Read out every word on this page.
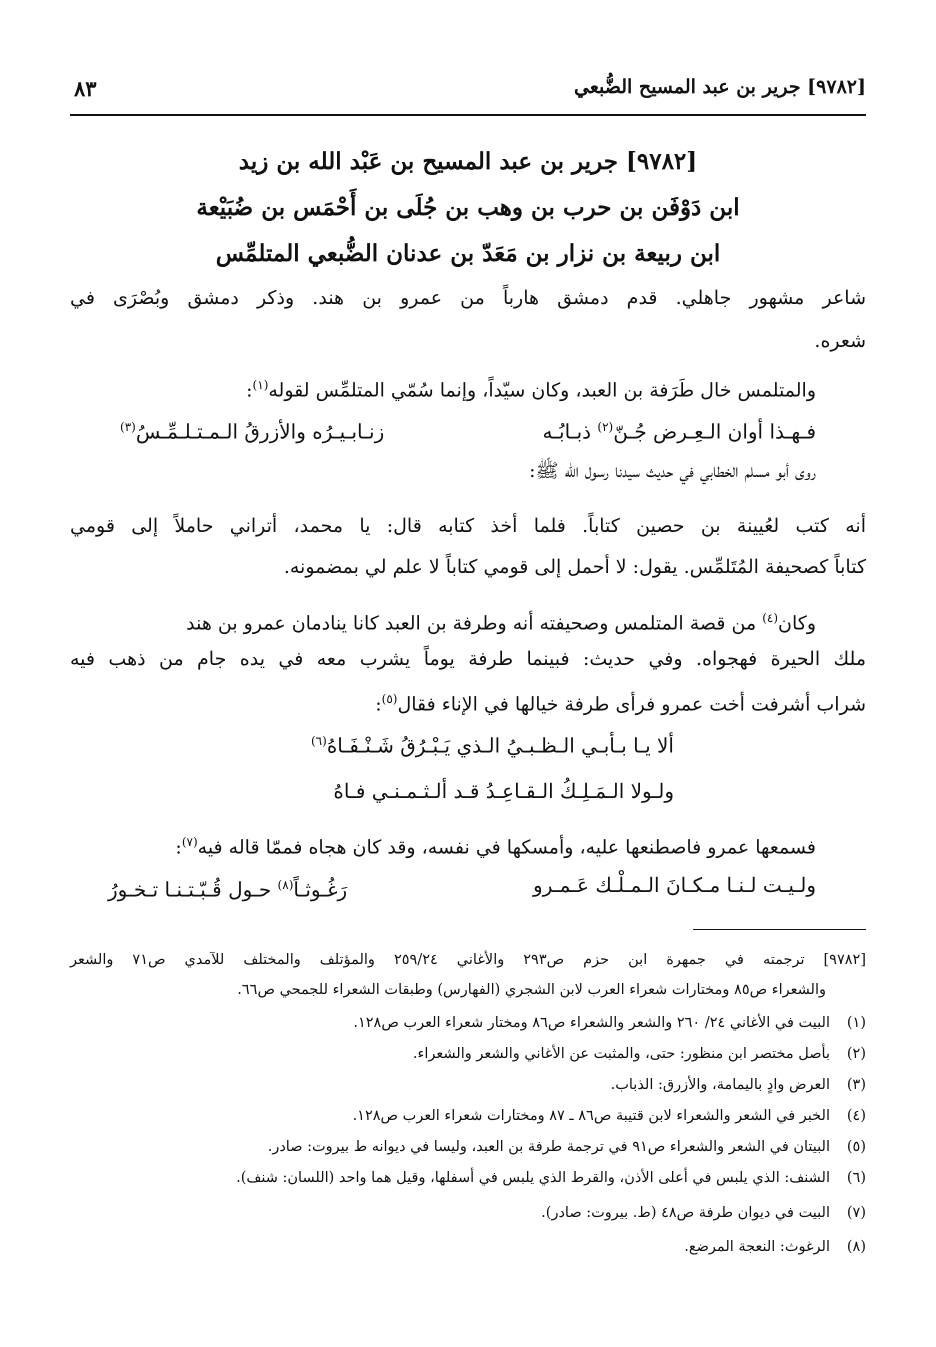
[٩٧٨٢] جرير بن عبد المسيح الضُّبعي
٨٣
[٩٧٨٢] جرير بن عبد المسيح بن عَبْد الله بن زيد
ابن دَوْفَن بن حرب بن وهب بن جُلَى بن أَحْمَس بن ضُبَيْعة
ابن ربيعة بن نزار بن مَعَدّ بن عدنان الضُّبعي المتلمِّس
شاعر مشهور جاهلي. قدم دمشق هارباً من عمرو بن هند. وذكر دمشق وبُصْرَى في
شعره.
والمتلمس خال طَرَفة بن العبد، وكان سيّداً، وإنما سُمّي المتلمِّس لقوله$^{(١)}$:
فـهـذا أوان الـعِـرض جُـنّ$^{(٢)}$ ذبـابُـه
زنـابـيـرُه والأزرقُ الـمـتـلـمِّـسُ$^{(٣)}$
روى أبو مسلم الخطابي في حديث سيدنا رسول الله ﷺ:
أنه كتب لعُيينة بن حصين كتاباً. فلما أخذ كتابه قال: يا محمد، أتراني حاملاً إلى قومي
كتاباً كصحيفة المُتَلمِّس. يقول: لا أحمل إلى قومي كتاباً لا علم لي بمضمونه.
وكان$^{(٤)}$ من قصة المتلمس وصحيفته أنه وطرفة بن العبد كانا ينادمان عمرو بن هند
ملك الحيرة فهجواه. وفي حديث: فبينما طرفة يوماً يشرب معه في يده جام من ذهب فيه
شراب أشرفت أخت عمرو فرأى طرفة خيالها في الإناء فقال$^{(٥)}$:
ألا يـا بـأبـي الـظـبـيُ الـذي يَـبْـرُقُ شَـنْـفَـاهُ$^{(٦)}$
ولـولا الـمَـلِـكُ الـقـاعِـدُ قـد ألـثـمـنـي فـاهُ
فسمعها عمرو فاصطنعها عليه، وأمسكها في نفسه، وقد كان هجاه فممّا قاله فيه$^{(٧)}$:
ولـيـت لـنـا مـكـانَ الـمـلْـك عَـمـرو
رَغُـوثـاً$^{(٨)}$ حـول قُـبّـتـنـا تـخـورُ
[٩٧٨٢] ترجمته في جمهرة ابن حزم ص٢٩٣ والأغاني ٢٥٩/٢٤ والمؤتلف والمختلف للآمدي ص٧١ والشعر
والشعراء ص٨٥ ومختارات شعراء العرب لابن الشجري (الفهارس) وطبقات الشعراء للجمحي ص٦٦.
(١)البيت في الأغاني ٢٤/ ٢٦٠ والشعر والشعراء ص٨٦ ومختار شعراء العرب ص١٢٨.
(٢)بأصل مختصر ابن منظور: حتى، والمثبت عن الأغاني والشعر والشعراء.
(٣)العرض وادٍ باليمامة، والأزرق: الذباب.
(٤)الخبر في الشعر والشعراء لابن قتيبة ص٨٦ ـ ٨٧ ومختارات شعراء العرب ص١٢٨.
(٥)البيتان في الشعر والشعراء ص٩١ في ترجمة طرفة بن العبد، وليسا في ديوانه ط بيروت: صادر.
(٦)الشنف: الذي يلبس في أعلى الأذن، والقرط الذي يلبس في أسفلها، وقيل هما واحد (اللسان: شنف).
(٧)البيت في ديوان طرفة ص٤٨ (ط. بيروت: صادر).
(٨)الرغوث: النعجة المرضع.
